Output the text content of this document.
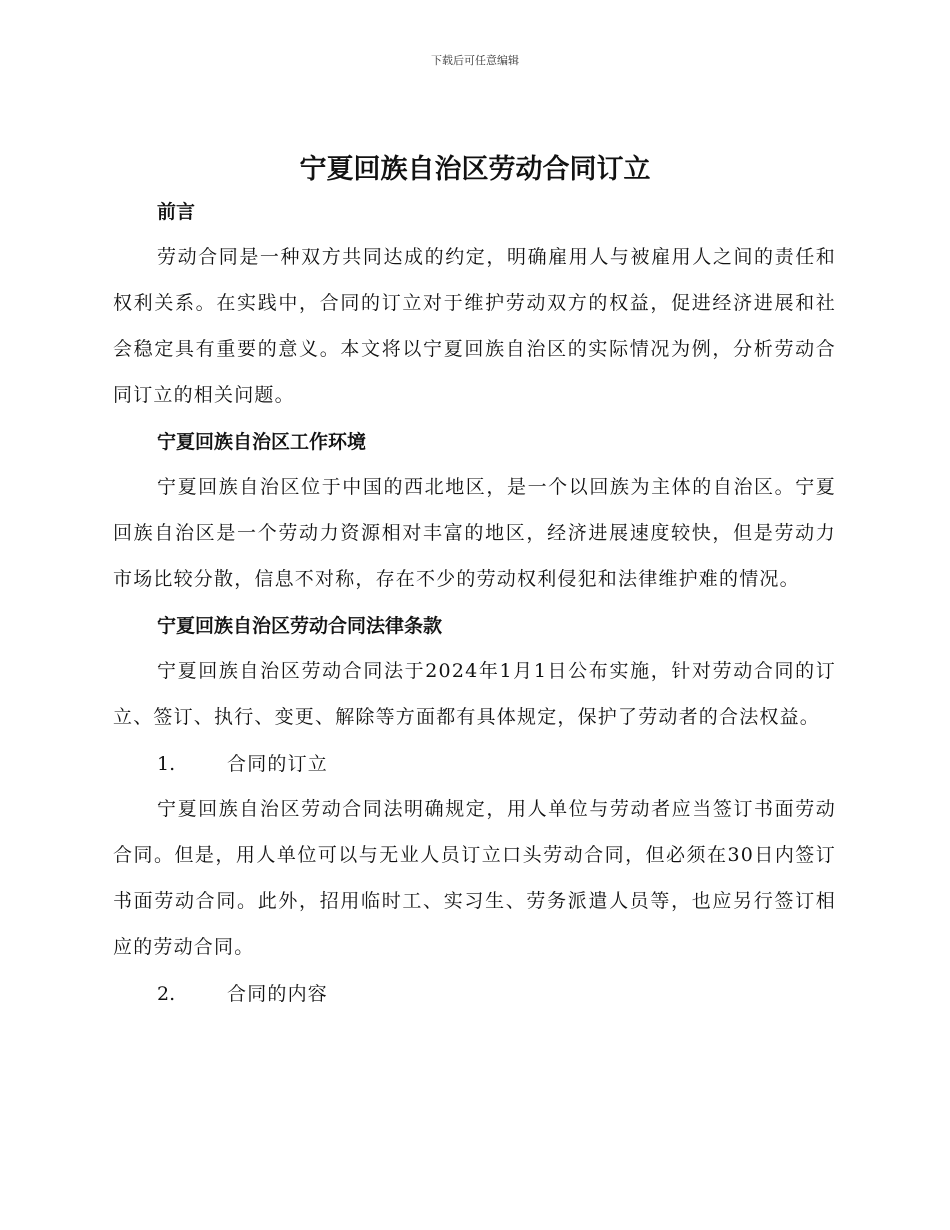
下载后可任意编辑
宁夏回族自治区劳动合同订立
前言

劳动合同是一种双方共同达成的约定，明确雇用人与被雇用人之间的责任和权利关系。在实践中，合同的订立对于维护劳动双方的权益，促进经济进展和社会稳定具有重要的意义。本文将以宁夏回族自治区的实际情况为例，分析劳动合同订立的相关问题。

宁夏回族自治区工作环境

宁夏回族自治区位于中国的西北地区，是一个以回族为主体的自治区。宁夏回族自治区是一个劳动力资源相对丰富的地区，经济进展速度较快，但是劳动力市场比较分散，信息不对称，存在不少的劳动权利侵犯和法律维护难的情况。

宁夏回族自治区劳动合同法律条款

宁夏回族自治区劳动合同法于2024年1月1日公布实施，针对劳动合同的订立、签订、执行、变更、解除等方面都有具体规定，保护了劳动者的合法权益。

1.	合同的订立

宁夏回族自治区劳动合同法明确规定，用人单位与劳动者应当签订书面劳动合同。但是，用人单位可以与无业人员订立口头劳动合同，但必须在30日内签订书面劳动合同。此外，招用临时工、实习生、劳务派遣人员等，也应另行签订相应的劳动合同。

2.	合同的内容
